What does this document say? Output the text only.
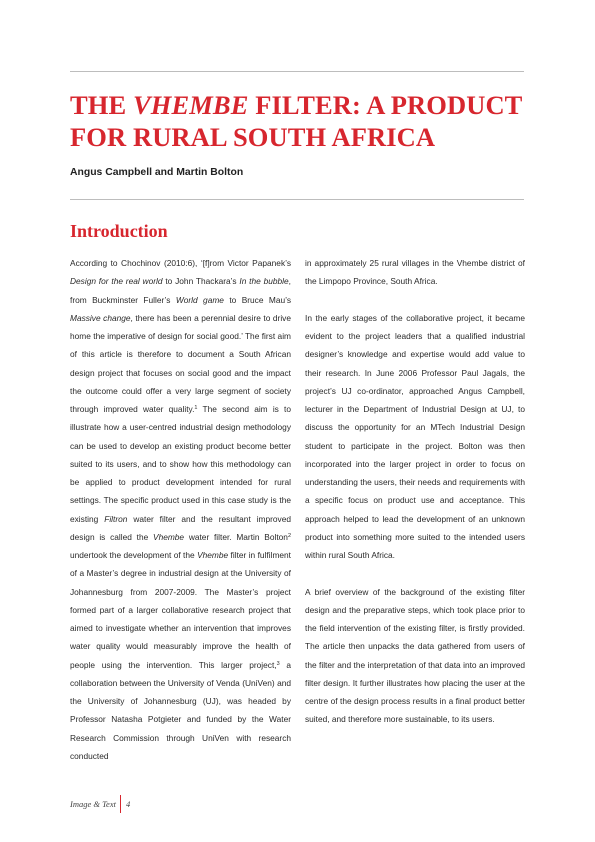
THE VHEMBE FILTER: A PRODUCT FOR RURAL SOUTH AFRICA

Angus Campbell and Martin Bolton

Introduction

According to Chochinov (2010:6), ‘[f]rom Victor Papanek’s Design for the real world to John Thackara’s In the bubble, from Buckminster Fuller’s World game to Bruce Mau’s Massive change, there has been a perennial desire to drive home the imperative of design for social good.’ The first aim of this article is therefore to document a South African design project that focuses on social good and the impact the outcome could offer a very large segment of society through improved water quality.$^1$ The second aim is to illustrate how a user-centred industrial design methodology can be used to develop an existing product become better suited to its users, and to show how this methodology can be applied to product development intended for rural settings. The specific product used in this case study is the existing Filtron water filter and the resultant improved design is called the Vhembe water filter. Martin Bolton$^2$ undertook the development of the Vhembe filter in fulfilment of a Master’s degree in industrial design at the University of Johannesburg from 2007-2009. The Master’s project formed part of a larger collaborative research project that aimed to investigate whether an intervention that improves water quality would measurably improve the health of people using the intervention. This larger project,$^3$ a collaboration between the University of Venda (UniVen) and the University of Johannesburg (UJ), was headed by Professor Natasha Potgieter and funded by the Water Research Commission through UniVen with research conducted

in approximately 25 rural villages in the Vhembe district of the Limpopo Province, South Africa.

In the early stages of the collaborative project, it became evident to the project leaders that a qualified industrial designer’s knowledge and expertise would add value to their research. In June 2006 Professor Paul Jagals, the project’s UJ co-ordinator, approached Angus Campbell, lecturer in the Department of Industrial Design at UJ, to discuss the opportunity for an MTech Industrial Design student to participate in the project. Bolton was then incorporated into the larger project in order to focus on understanding the users, their needs and requirements with a specific focus on product use and acceptance. This approach helped to lead the development of an unknown product into something more suited to the intended users within rural South Africa.

A brief overview of the background of the existing filter design and the preparative steps, which took place prior to the field intervention of the existing filter, is firstly provided. The article then unpacks the data gathered from users of the filter and the interpretation of that data into an improved filter design. It further illustrates how placing the user at the centre of the design process results in a final product better suited, and therefore more sustainable, to its users.

Image & Text 4
